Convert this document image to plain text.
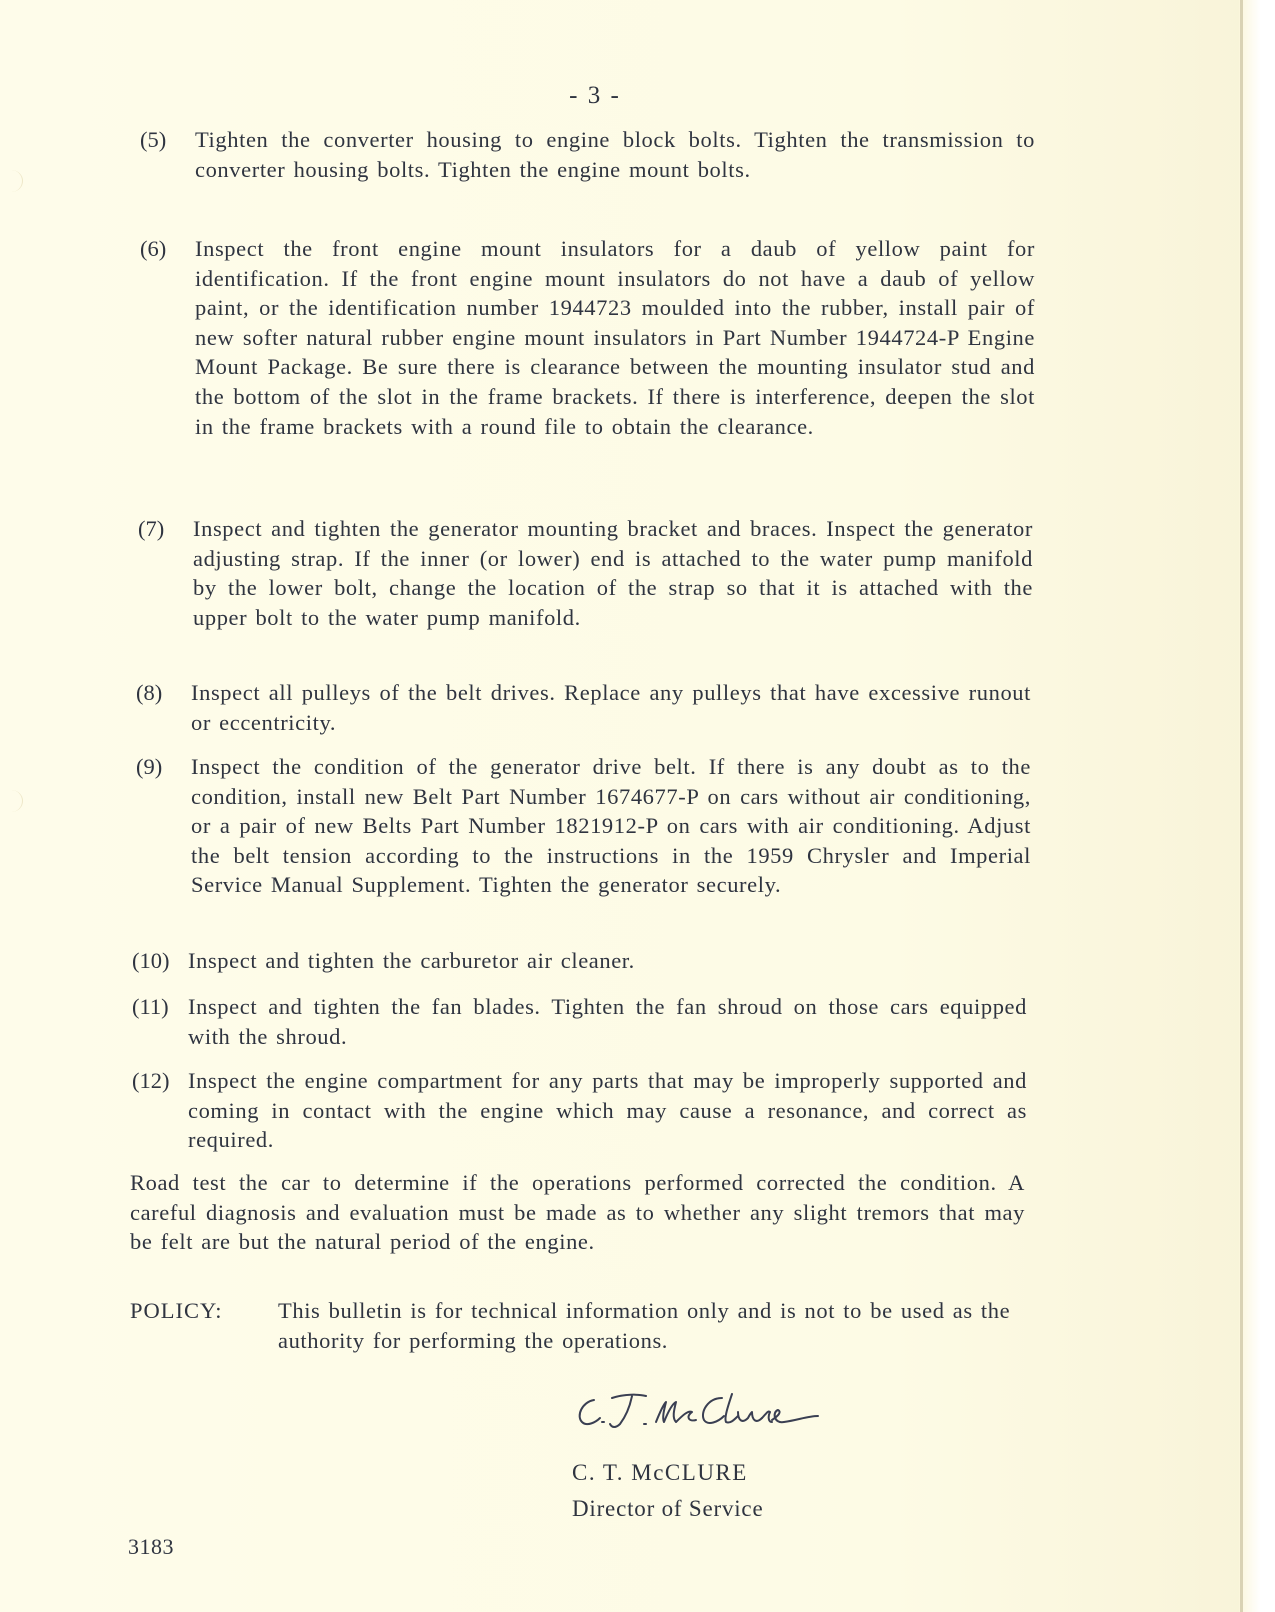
- 3 -
(5) Tighten the converter housing to engine block bolts. Tighten the transmission to converter housing bolts. Tighten the engine mount bolts.
(6) Inspect the front engine mount insulators for a daub of yellow paint for identification. If the front engine mount insulators do not have a daub of yellow paint, or the identification number 1944723 moulded into the rubber, install pair of new softer natural rubber engine mount insulators in Part Number 1944724-P Engine Mount Package. Be sure there is clearance between the mounting insulator stud and the bottom of the slot in the frame brackets. If there is interference, deepen the slot in the frame brackets with a round file to obtain the clearance.
(7) Inspect and tighten the generator mounting bracket and braces. Inspect the generator adjusting strap. If the inner (or lower) end is attached to the water pump manifold by the lower bolt, change the location of the strap so that it is attached with the upper bolt to the water pump manifold.
(8) Inspect all pulleys of the belt drives. Replace any pulleys that have excessive runout or eccentricity.
(9) Inspect the condition of the generator drive belt. If there is any doubt as to the condition, install new Belt Part Number 1674677-P on cars without air conditioning, or a pair of new Belts Part Number 1821912-P on cars with air conditioning. Adjust the belt tension according to the instructions in the 1959 Chrysler and Imperial Service Manual Supplement. Tighten the generator securely.
(10) Inspect and tighten the carburetor air cleaner.
(11) Inspect and tighten the fan blades. Tighten the fan shroud on those cars equipped with the shroud.
(12) Inspect the engine compartment for any parts that may be improperly supported and coming in contact with the engine which may cause a resonance, and correct as required.
Road test the car to determine if the operations performed corrected the condition. A careful diagnosis and evaluation must be made as to whether any slight tremors that may be felt are but the natural period of the engine.
POLICY: This bulletin is for technical information only and is not to be used as the authority for performing the operations.
C. T. McCLURE
Director of Service
3183
